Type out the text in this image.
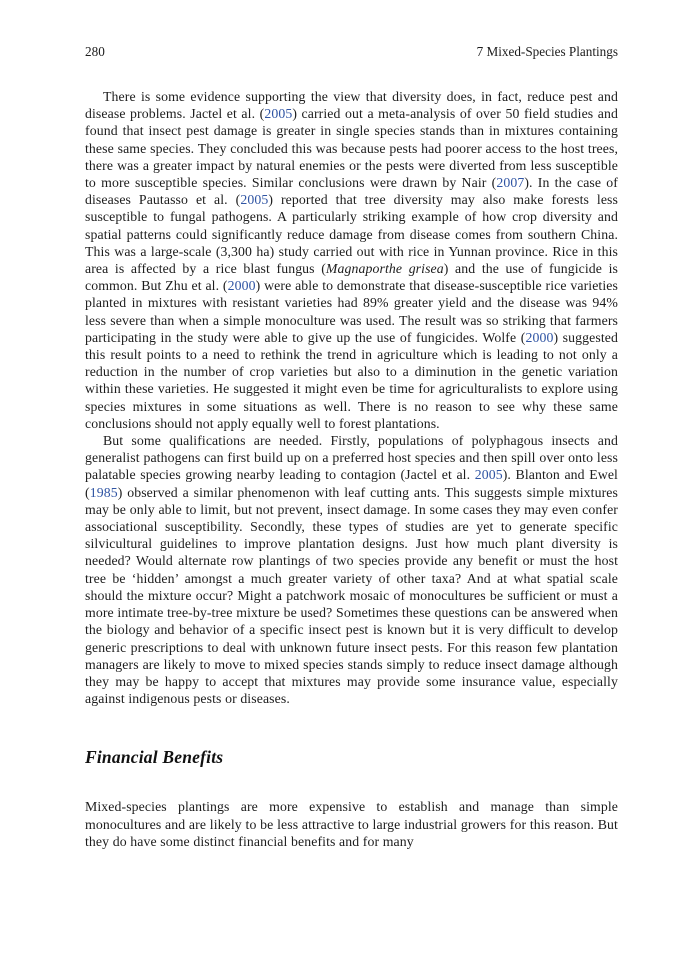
280	7 Mixed-Species Plantings

There is some evidence supporting the view that diversity does, in fact, reduce pest and disease problems. Jactel et al. (2005) carried out a meta-analysis of over 50 field studies and found that insect pest damage is greater in single species stands than in mixtures containing these same species. They concluded this was because pests had poorer access to the host trees, there was a greater impact by natural enemies or the pests were diverted from less susceptible to more susceptible species. Similar conclusions were drawn by Nair (2007). In the case of diseases Pautasso et al. (2005) reported that tree diversity may also make forests less susceptible to fungal pathogens. A particularly striking example of how crop diversity and spatial patterns could significantly reduce damage from disease comes from southern China. This was a large-scale (3,300 ha) study carried out with rice in Yunnan province. Rice in this area is affected by a rice blast fungus (Magnaporthe grisea) and the use of fungicide is common. But Zhu et al. (2000) were able to demonstrate that disease-susceptible rice varieties planted in mixtures with resistant varieties had 89% greater yield and the disease was 94% less severe than when a simple monoculture was used. The result was so striking that farmers participating in the study were able to give up the use of fungicides. Wolfe (2000) suggested this result points to a need to rethink the trend in agriculture which is leading to not only a reduction in the number of crop varieties but also to a diminution in the genetic variation within these varieties. He suggested it might even be time for agriculturalists to explore using species mixtures in some situations as well. There is no reason to see why these same conclusions should not apply equally well to forest plantations.

But some qualifications are needed. Firstly, populations of polyphagous insects and generalist pathogens can first build up on a preferred host species and then spill over onto less palatable species growing nearby leading to contagion (Jactel et al. 2005). Blanton and Ewel (1985) observed a similar phenomenon with leaf cutting ants. This suggests simple mixtures may be only able to limit, but not prevent, insect damage. In some cases they may even confer associational susceptibility. Secondly, these types of studies are yet to generate specific silvicultural guidelines to improve plantation designs. Just how much plant diversity is needed? Would alternate row plantings of two species provide any benefit or must the host tree be ‘hidden’ amongst a much greater variety of other taxa? And at what spatial scale should the mixture occur? Might a patchwork mosaic of monocultures be sufficient or must a more intimate tree-by-tree mixture be used? Sometimes these questions can be answered when the biology and behavior of a specific insect pest is known but it is very difficult to develop generic prescriptions to deal with unknown future insect pests. For this reason few plantation managers are likely to move to mixed species stands simply to reduce insect damage although they may be happy to accept that mixtures may provide some insurance value, especially against indigenous pests or diseases.

Financial Benefits

Mixed-species plantings are more expensive to establish and manage than simple monocultures and are likely to be less attractive to large industrial growers for this reason. But they do have some distinct financial benefits and for many
